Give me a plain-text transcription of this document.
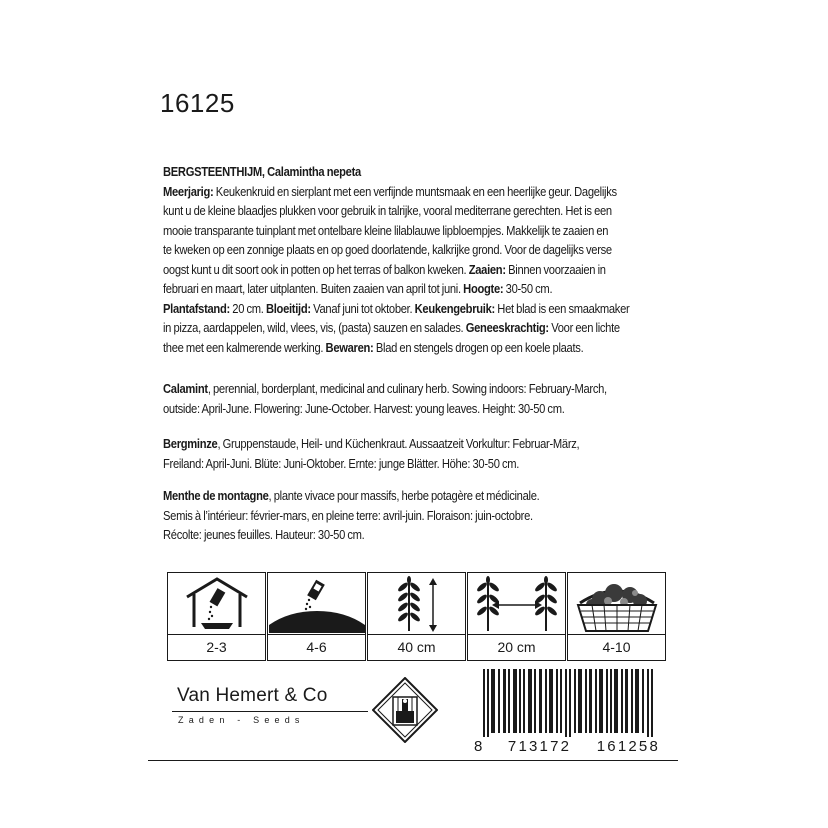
16125
BERGSTEENTHIJM, Calamintha nepeta
Meerjarig: Keukenkruid en sierplant met een verfijnde muntsmaak en een heerlijke geur. Dagelijks
kunt u de kleine blaadjes plukken voor gebruik in talrijke, vooral mediterrane gerechten. Het is een
mooie transparante tuinplant met ontelbare kleine lilablauwe lipbloempjes. Makkelijk te zaaien en
te kweken op een zonnige plaats en op goed doorlatende, kalkrijke grond. Voor de dagelijks verse
oogst kunt u dit soort ook in potten op het terras of balkon kweken. Zaaien: Binnen voorzaaien in
februari en maart, later uitplanten. Buiten zaaien van april tot juni. Hoogte: 30-50 cm.
Plantafstand: 20 cm. Bloeitijd: Vanaf juni tot oktober. Keukengebruik: Het blad is een smaakmaker
in pizza, aardappelen, wild, vlees, vis, (pasta) sauzen en salades. Geneeskrachtig: Voor een lichte
thee met een kalmerende werking. Bewaren: Blad en stengels drogen op een koele plaats.
Calamint, perennial, borderplant, medicinal and culinary herb. Sowing indoors: February-March,
outside: April-June. Flowering: June-October. Harvest: young leaves. Height: 30-50 cm.
Bergminze, Gruppenstaude, Heil- und Küchenkraut. Aussaatzeit Vorkultur: Februar-März,
Freiland: April-Juni. Blüte: Juni-Oktober. Ernte: junge Blätter. Höhe: 30-50 cm.
Menthe de montagne, plante vivace pour massifs, herbe potagère et médicinale.
Semis à l’intérieur: février-mars, en pleine terre: avril-juin. Floraison: juin-octobre.
Récolte: jeunes feuilles. Hauteur: 30-50 cm.
2-3	4-6	40 cm	20 cm	4-10
Van Hemert & Co
Zaden - Seeds
8 713172 161258
